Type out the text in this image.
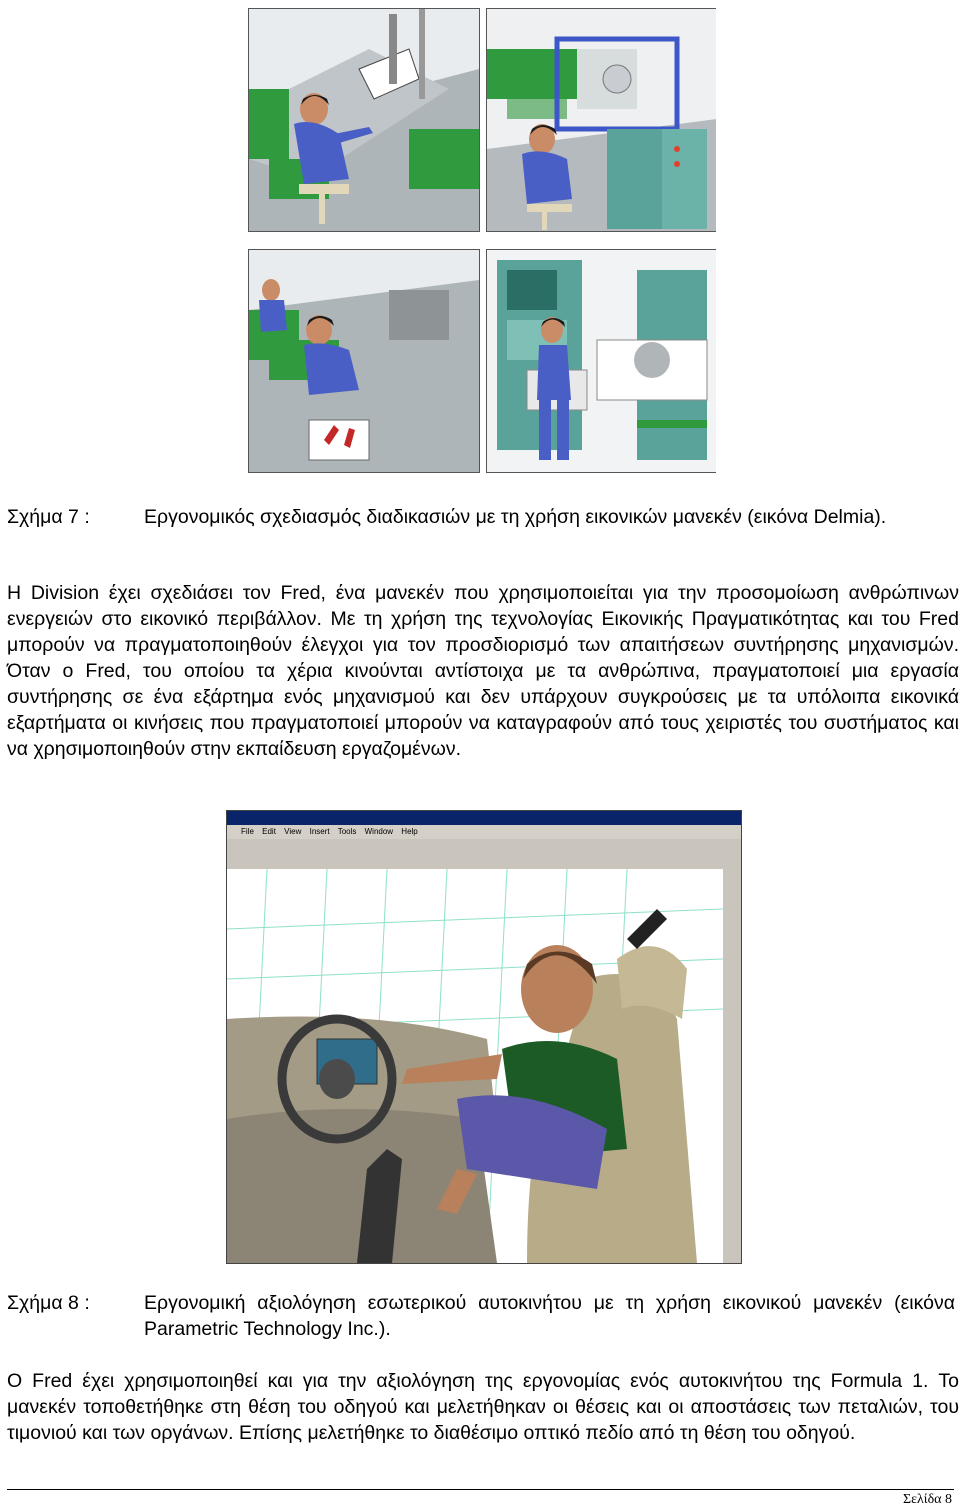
Σχήμα 7 :	Εργονομικός σχεδιασμός διαδικασιών με τη χρήση εικονικών μανεκέν (εικόνα Delmia).
Η Division έχει σχεδιάσει τον Fred, ένα μανεκέν που χρησιμοποιείται για την προσομοίωση ανθρώπινων ενεργειών στο εικονικό περιβάλλον. Με τη χρήση της τεχνολογίας Εικονικής Πραγματικότητας και του Fred μπορούν να πραγματοποιηθούν έλεγχοι για τον προσδιορισμό των απαιτήσεων συντήρησης μηχανισμών. Όταν ο Fred, του οποίου τα χέρια κινούνται αντίστοιχα με τα ανθρώπινα, πραγματοποιεί μια εργασία συντήρησης σε ένα εξάρτημα ενός μηχανισμού και δεν υπάρχουν συγκρούσεις με τα υπόλοιπα εικονικά εξαρτήματα οι κινήσεις που πραγματοποιεί μπορούν να καταγραφούν από τους χειριστές του συστήματος και να χρησιμοποιηθούν στην εκπαίδευση εργαζομένων.
File Edit View Insert Tools Window Help
Σχήμα 8 :	Εργονομική αξιολόγηση εσωτερικού αυτοκινήτου με τη χρήση εικονικού μανεκέν (εικόνα Parametric Technology Inc.).
Ο Fred έχει χρησιμοποιηθεί και για την αξιολόγηση της εργονομίας ενός αυτοκινήτου της Formula 1. Το μανεκέν τοποθετήθηκε στη θέση του οδηγού και μελετήθηκαν οι θέσεις και οι αποστάσεις των πεταλιών, του τιμονιού και των οργάνων. Επίσης μελετήθηκε το διαθέσιμο οπτικό πεδίο από τη θέση του οδηγού.
Σελίδα 8
